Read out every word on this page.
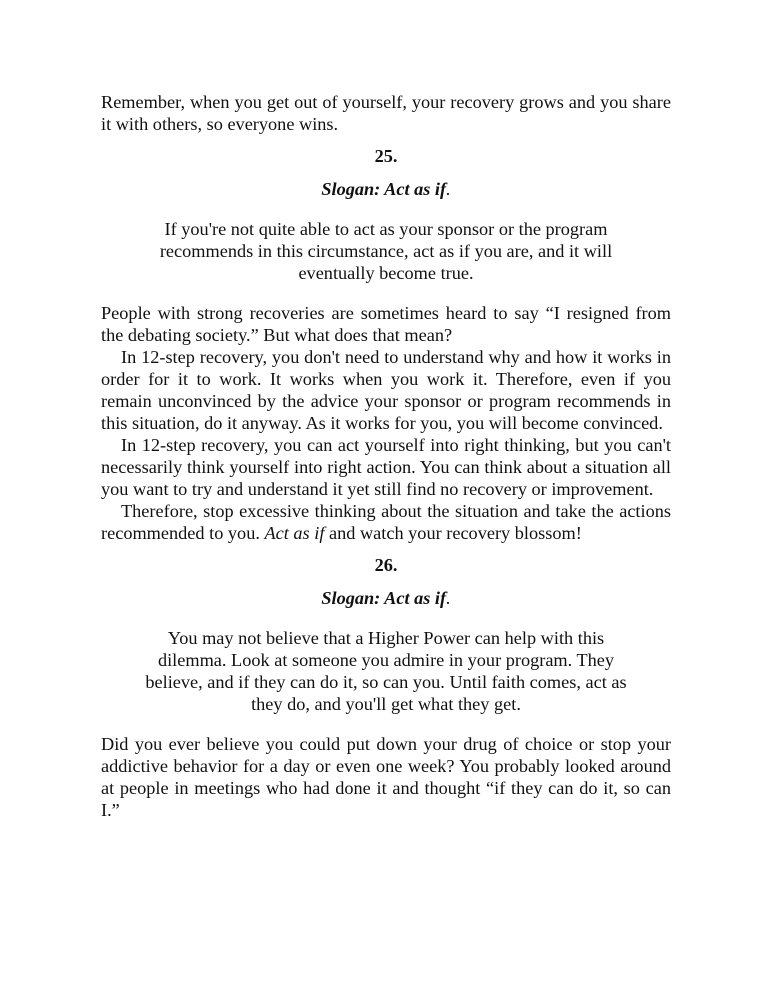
Remember, when you get out of yourself, your recovery grows and you share it with others, so everyone wins.

25.

Slogan: Act as if.

If you're not quite able to act as your sponsor or the program recommends in this circumstance, act as if you are, and it will eventually become true.

People with strong recoveries are sometimes heard to say “I resigned from the debating society.” But what does that mean?

In 12-step recovery, you don't need to understand why and how it works in order for it to work. It works when you work it. Therefore, even if you remain unconvinced by the advice your sponsor or program recommends in this situation, do it anyway. As it works for you, you will become convinced.

In 12-step recovery, you can act yourself into right thinking, but you can't necessarily think yourself into right action. You can think about a situation all you want to try and understand it yet still find no recovery or improvement.

Therefore, stop excessive thinking about the situation and take the actions recommended to you. Act as if and watch your recovery blossom!

26.

Slogan: Act as if.

You may not believe that a Higher Power can help with this dilemma. Look at someone you admire in your program. They believe, and if they can do it, so can you. Until faith comes, act as they do, and you'll get what they get.

Did you ever believe you could put down your drug of choice or stop your addictive behavior for a day or even one week? You probably looked around at people in meetings who had done it and thought “if they can do it, so can I.”
